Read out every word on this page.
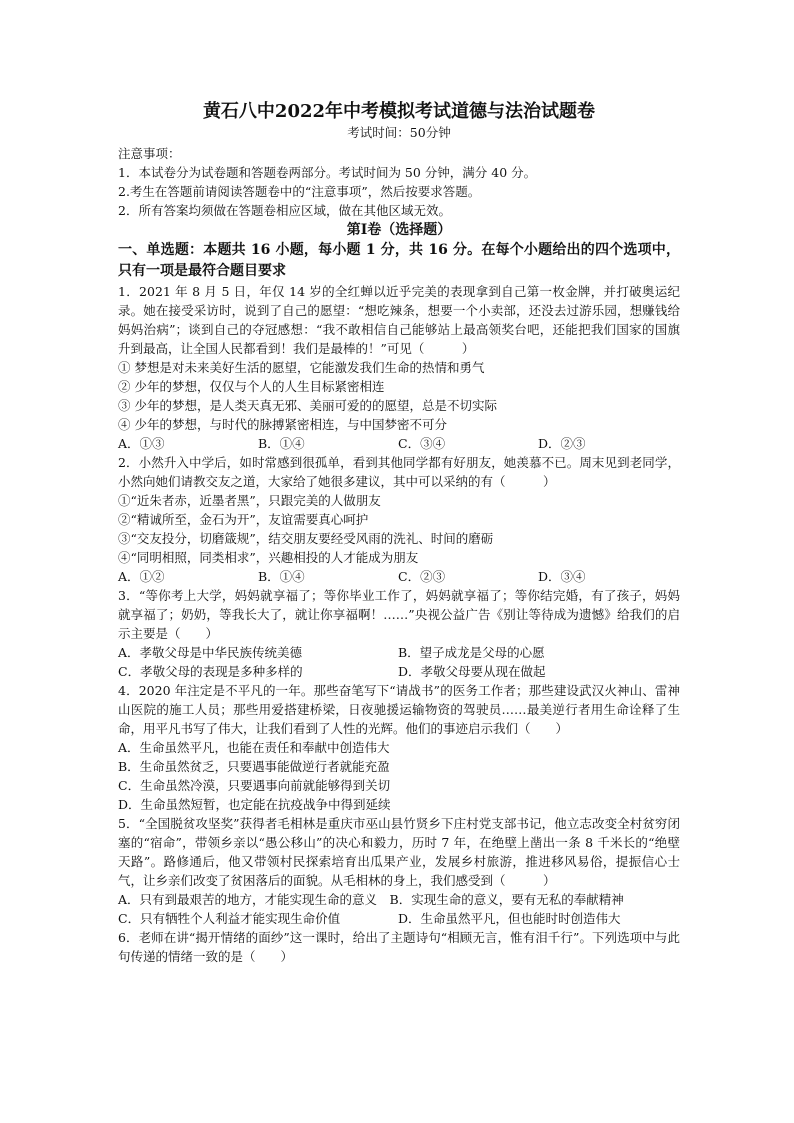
黄石八中2022年中考模拟考试道德与法治试题卷

考试时间：50分钟

注意事项：

1．本试卷分为试卷题和答题卷两部分。考试时间为 50 分钟，满分 40 分。

2.考生在答题前请阅读答题卷中的“注意事项”，然后按要求答题。

2．所有答案均须做在答题卷相应区域，做在其他区域无效。

第Ⅰ卷（选择题）

一、单选题：本题共 16 小题，每小题 1 分，共 16 分。在每个小题给出的四个选项中，只有一项是最符合题目要求

1．2021 年 8 月 5 日，年仅 14 岁的全红蝉以近乎完美的表现拿到自己第一枚金牌，并打破奥运纪录。她在接受采访时，说到了自己的愿望：“想吃辣条，想要一个小卖部，还没去过游乐园，想赚钱给妈妈治病”；谈到自己的夺冠感想：“我不敢相信自己能够站上最高领奖台吧，还能把我们国家的国旗升到最高，让全国人民都看到！我们是最棒的！”可见（　　　）

① 梦想是对未来美好生活的愿望，它能激发我们生命的热情和勇气

② 少年的梦想，仅仅与个人的人生目标紧密相连

③ 少年的梦想，是人类天真无邪、美丽可爱的的愿望，总是不切实际

④ 少年的梦想，与时代的脉搏紧密相连，与中国梦密不可分

A．①③	B．①④	C．③④	D．②③

2．小然升入中学后，如时常感到很孤单，看到其他同学都有好朋友，她羡慕不已。周末见到老同学，小然向她们请教交友之道，大家给了她很多建议，其中可以采纳的有（　　　）

①“近朱者赤，近墨者黑”，只跟完美的人做朋友

②“精诚所至，金石为开”，友谊需要真心呵护

③“交友投分，切磨箴规”，结交朋友要经受风雨的洗礼、时间的磨砺

④“同明相照，同类相求”，兴趣相投的人才能成为朋友

A．①②	B．①④	C．②③	D．③④

3．“等你考上大学，妈妈就享福了；等你毕业工作了，妈妈就享福了；等你结完婚，有了孩子，妈妈就享福了；奶奶，等我长大了，就让你享福啊！……”央视公益广告《别让等待成为遗憾》给我们的启示主要是（　　）

A．孝敬父母是中华民族传统美德	B．望子成龙是父母的心愿
C．孝敬父母的表现是多种多样的	D．孝敬父母要从现在做起

4．2020 年注定是不平凡的一年。那些奋笔写下“请战书”的医务工作者；那些建设武汉火神山、雷神山医院的施工人员；那些用爱搭建桥梁，日夜驰援运输物资的驾驶员……最美逆行者用生命诠释了生命，用平凡书写了伟大，让我们看到了人性的光辉。他们的事迹启示我们（　　）

A．生命虽然平凡，也能在责任和奉献中创造伟大

B．生命虽然贫乏，只要遇事能做逆行者就能充盈

C．生命虽然冷漠，只要遇事向前就能够得到关切

D．生命虽然短暂，也定能在抗疫战争中得到延续

5．“全国脱贫攻坚奖”获得者毛相林是重庆市巫山县竹贤乡下庄村党支部书记，他立志改变全村贫穷闭塞的“宿命”，带领乡亲以“愚公移山”的决心和毅力，历时 7 年，在绝壁上凿出一条 8 千米长的“绝壁天路”。路修通后，他又带领村民探索培育出瓜果产业，发展乡村旅游，推进移风易俗，提振信心士气，让乡亲们改变了贫困落后的面貌。从毛相林的身上，我们感受到（　　　）

A．只有到最艰苦的地方，才能实现生命的意义　 B．实现生命的意义，要有无私的奉献精神

C．只有牺牲个人利益才能实现生命价值	D．生命虽然平凡，但也能时时创造伟大

6．老师在讲“揭开情绪的面纱”这一课时，给出了主题诗句“相顾无言，惟有泪千行”。下列选项中与此句传递的情绪一致的是（　　）
